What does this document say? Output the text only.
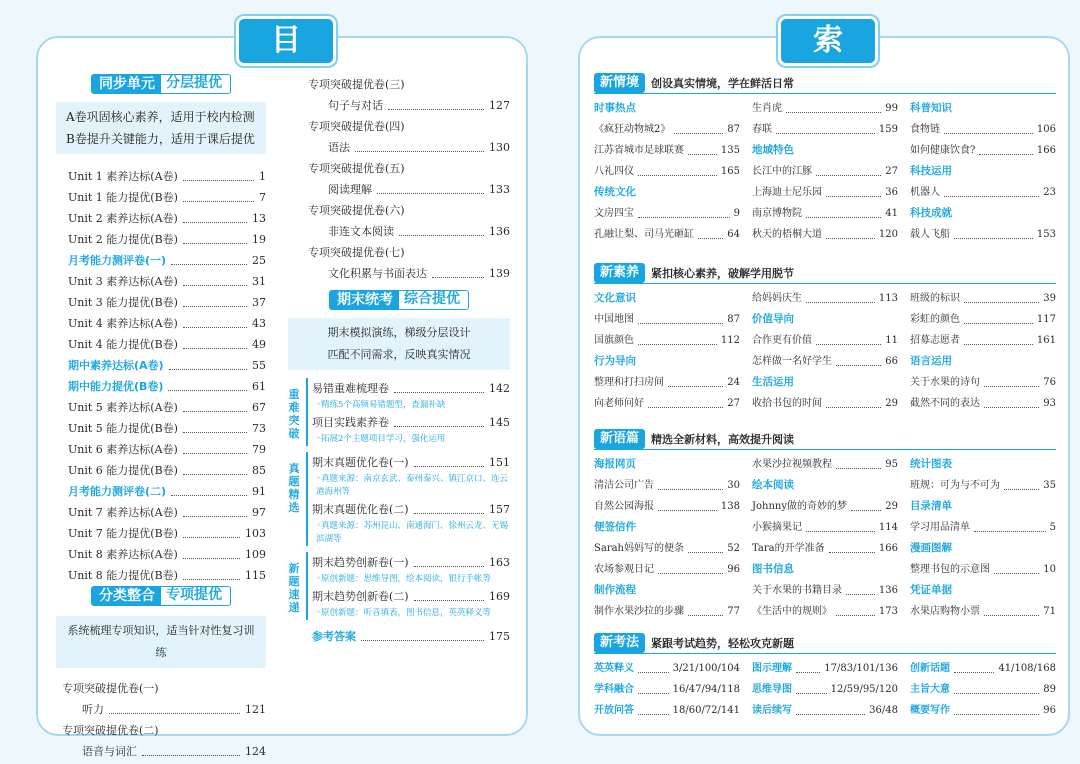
目录
索引
同步单元 分层提优
A卷巩固核心素养，适用于校内检测
B卷提升关键能力，适用于课后提优
Unit 1 素养达标(A卷)	1
Unit 1 能力提优(B卷)	7
Unit 2 素养达标(A卷)	13
Unit 2 能力提优(B卷)	19
月考能力测评卷(一)	25
Unit 3 素养达标(A卷)	31
Unit 3 能力提优(B卷)	37
Unit 4 素养达标(A卷)	43
Unit 4 能力提优(B卷)	49
期中素养达标(A卷)	55
期中能力提优(B卷)	61
Unit 5 素养达标(A卷)	67
Unit 5 能力提优(B卷)	73
Unit 6 素养达标(A卷)	79
Unit 6 能力提优(B卷)	85
月考能力测评卷(二)	91
Unit 7 素养达标(A卷)	97
Unit 7 能力提优(B卷)	103
Unit 8 素养达标(A卷)	109
Unit 8 能力提优(B卷)	115
分类整合 专项提优
系统梳理专项知识，适当针对性复习训练
专项突破提优卷(一)
听力	121
专项突破提优卷(二)
语音与词汇	124
专项突破提优卷(三)
句子与对话	127
专项突破提优卷(四)
语法	130
专项突破提优卷(五)
阅读理解	133
专项突破提优卷(六)
非连文本阅读	136
专项突破提优卷(七)
文化积累与书面表达	139
期末统考 综合提优
期末模拟演练，梯级分层设计
匹配不同需求，反映真实情况
重难突破
易错重难梳理卷	142
◦精练5个高频易错题型，查漏补缺
项目实践素养卷	145
◦拓展2个主题项目学习，强化运用
真题精选
期末真题优化卷(一)	151
◦真题来源：南京玄武、泰州泰兴、镇江京口、连云港海州等
期末真题优化卷(二)	157
◦真题来源：苏州昆山、南通海门、徐州云龙、无锡滨湖等
新题速递
期末趋势创新卷(一)	163
◦原创新题：思维导图，绘本阅读，银行手帐等
期末趋势创新卷(二)	169
◦原创新题：听音填表，图书信息，英英释义等
参考答案	175
新情境	创设真实情境，学在鲜活日常
时事热点
《疯狂动物城2》	87
江苏省城市足球联赛	135
八礼四仪	165
传统文化
文房四宝	9
孔融让梨、司马光砸缸	64
生肖虎	99
春联	159
地域特色
长江中的江豚	27
上海迪士尼乐园	36
南京博物院	41
秋天的梧桐大道	120
科普知识
食物链	106
如何健康饮食?	166
科技运用
机器人	23
科技成就
载人飞船	153
新素养	紧扣核心素养，破解学用脱节
文化意识
中国地图	87
国旗颜色	112
行为导向
整理和打扫房间	24
向老师问好	27
给妈妈庆生	113
价值导向
合作更有价值	11
怎样做一名好学生	66
生活运用
收拾书包的时间	29
班级的标识	39
彩虹的颜色	117
招募志愿者	161
语言运用
关于水果的诗句	76
截然不同的表达	93
新语篇	精选全新材料，高效提升阅读
海报网页
清洁公司广告	30
自然公园海报	138
便签信件
Sarah妈妈写的便条	52
农场参观日记	96
制作流程
制作水果沙拉的步骤	77
水果沙拉视频教程	95
绘本阅读
Johnny做的奇妙的梦	29
小猴摘果记	114
Tara的开学准备	166
图书信息
关于水果的书籍目录	136
《生活中的规则》	173
统计图表
班规：可为与不可为	35
目录清单
学习用品清单	5
漫画图解
整理书包的示意图	10
凭证单据
水果店购物小票	71
新考法	紧跟考试趋势，轻松攻克新题
英英释义	3/21/100/104
学科融合	16/47/94/118
开放问答	18/60/72/141
图示理解	17/83/101/136
思维导图	12/59/95/120
读后续写	36/48
创新话题	41/108/168
主旨大意	89
概要写作	96
